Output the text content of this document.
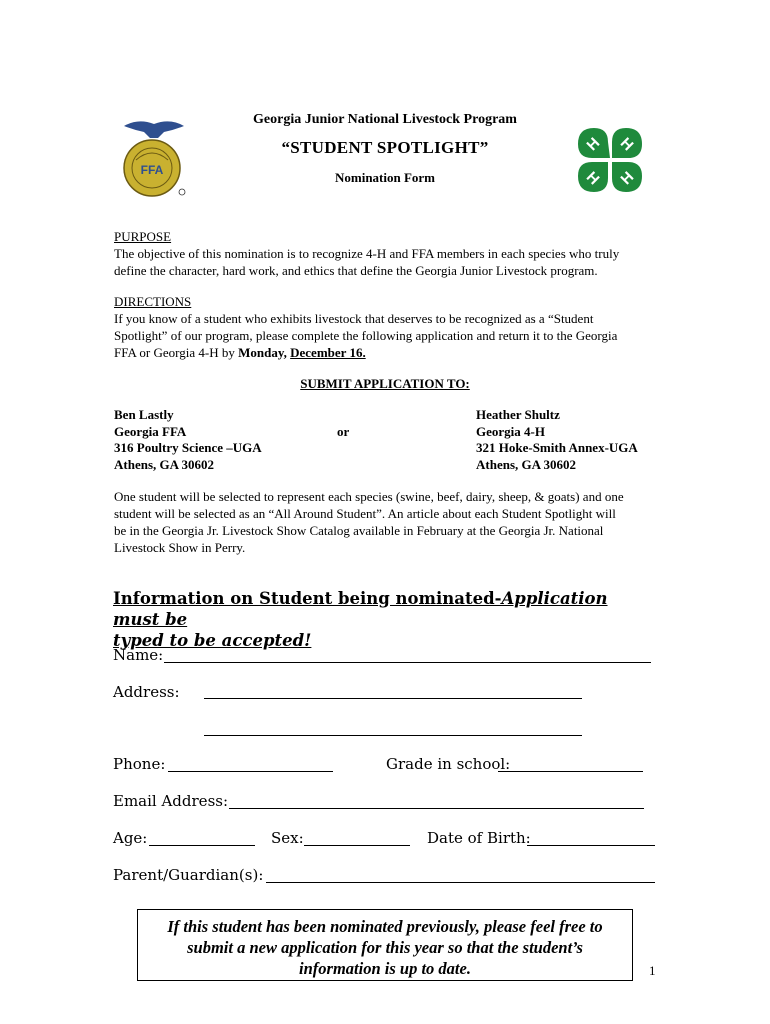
FFA
H H
H H
Georgia Junior National Livestock Program
“STUDENT SPOTLIGHT”
Nomination Form
PURPOSE
The objective of this nomination is to recognize 4-H and FFA members in each species who truly
define the character, hard work, and ethics that define the Georgia Junior Livestock program.
DIRECTIONS
If you know of a student who exhibits livestock that deserves to be recognized as a “Student
Spotlight” of our program, please complete the following application and return it to the Georgia
FFA or Georgia 4-H by Monday, December 16.
SUBMIT APPLICATION TO:
Ben Lastly
Georgia FFA
316 Poultry Science –UGA
Athens, GA 30602
or
Heather Shultz
Georgia 4-H
321 Hoke-Smith Annex-UGA
Athens, GA 30602
One student will be selected to represent each species (swine, beef, dairy, sheep, & goats) and one
student will be selected as an “All Around Student”. An article about each Student Spotlight will
be in the Georgia Jr. Livestock Show Catalog available in February at the Georgia Jr. National
Livestock Show in Perry.
Information on Student being nominated-Application must be
typed to be accepted!
Name:
Address:
Phone:	Grade in school:
Email Address:
Age:	Sex:	Date of Birth:
Parent/Guardian(s):
If this student has been nominated previously, please feel free to
submit a new application for this year so that the student’s
information is up to date.	1
